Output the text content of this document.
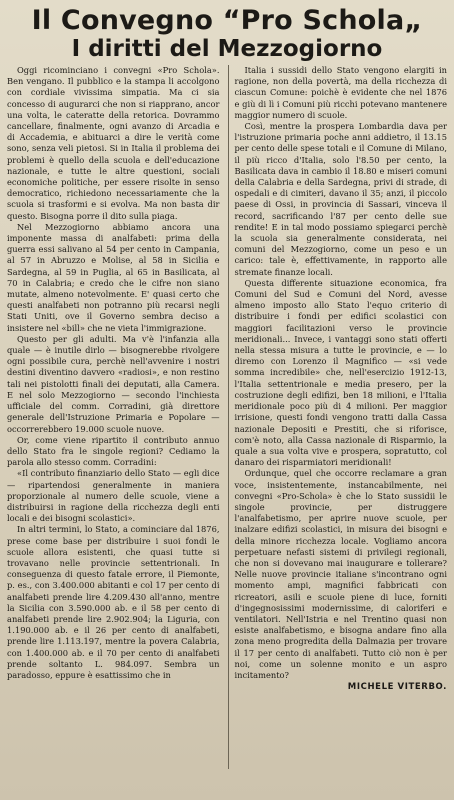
Il Convegno “Pro Schola„
I diritti del Mezzogiorno

Oggi ricominciano i convegni «Pro Schola». Ben vengano. Il pubblico e la stampa li accolgono con cordiale vivissima simpatia. Ma ci sia concesso di augurarci che non si riapprano, ancor una volta, le cateratte della retorica. Dovrammo cancellare, finalmente, ogni avanzo di Arcadia e di Accademia, e abituarci a dire le verità come sono, senza veli pietosi. Si in Italia il problema dei problemi è quello della scuola e dell'educazione nazionale, e tutte le altre questioni, sociali economiche politiche, per essere risolte in senso democratico, richiedono necessariamente che la scuola si trasformi e si evolva. Ma non basta dir questo. Bisogna porre il dito sulla piaga.

Nel Mezzogiorno abbiamo ancora una imponente massa di analfabeti: prima della guerra essi salivano al 54 per cento in Campania, al 57 in Abruzzo e Molise, al 58 in Sicilia e Sardegna, al 59 in Puglia, al 65 in Basilicata, al 70 in Calabria; e credo che le cifre non siano mutate, almeno notevolmente. E' quasi certo che questi analfabeti non potranno più recarsi negli Stati Uniti, ove il Governo sembra deciso a insistere nel «bill» che ne vieta l'immigrazione.

Questo per gli adulti. Ma v'è l'infanzia alla quale — è inutile dirlo — bisognerebbe rivolgere ogni possibile cura, perchè nell'avvenire i nostri destini diventino davvero «radiosi», e non restino tali nei pistolotti finali dei deputati, alla Camera. E nel solo Mezzogiorno — secondo l'inchiesta ufficiale del comm. Corradini, già direttore generale dell'Istruzione Primaria e Popolare — occorrerebbero 19.000 scuole nuove.

Or, come viene ripartito il contributo annuo dello Stato fra le singole regioni? Cediamo la parola allo stesso comm. Corradini:

«Il contributo finanziario dello Stato — egli dice — ripartendosi generalmente in maniera proporzionale al numero delle scuole, viene a distribuirsi in ragione della ricchezza degli enti locali e dei bisogni scolastici».

In altri termini, lo Stato, a cominciare dal 1876, prese come base per distribuire i suoi fondi le scuole allora esistenti, che quasi tutte si trovavano nelle provincie settentrionali. In conseguenza di questo fatale errore, il Piemonte, p. es., con 3.400.000 abitanti e col 17 per cento di analfabeti prende lire 4.209.430 all'anno, mentre la Sicilia con 3.590.000 ab. e il 58 per cento di analfabeti prende lire 2.902.904; la Liguria, con 1.190.000 ab. e il 26 per cento di analfabeti, prende lire 1.113.197, mentre la povera Calabria, con 1.400.000 ab. e il 70 per cento di analfabeti prende soltanto L. 984.097. Sembra un paradosso, eppure è esattissimo che in

Italia i sussidi dello Stato vengono elargiti in ragione, non della povertà, ma della ricchezza di ciascun Comune: poichè è evidente che nel 1876 e giù di lì i Comuni più ricchi potevano mantenere maggior numero di scuole.

Così, mentre la prospera Lombardia dava per l'istruzione primaria poche anni addietro, il 13.15 per cento delle spese totali e il Comune di Milano, il più ricco d'Italia, solo l'8.50 per cento, la Basilicata dava in cambio il 18.80 e miseri comuni della Calabria e della Sardegna, privi di strade, di ospedali e di cimiteri, davano il 35; anzi, il piccolo paese di Ossi, in provincia di Sassari, vinceva il record, sacrificando l'87 per cento delle sue rendite! E in tal modo possiamo spiegarci perchè la scuola sia generalmente considerata, nei comuni del Mezzogiorno, come un peso e un carico: tale è, effettivamente, in rapporto alle stremate finanze locali.

Questa differente situazione economica, fra Comuni del Sud e Comuni del Nord, avesse almeno imposto allo Stato l'equo criterio di distribuire i fondi per edifici scolastici con maggiori facilitazioni verso le provincie meridionali... Invece, i vantaggi sono stati offerti nella stessa misura a tutte le provincie, e — lo diremo con Lorenzo il Magnifico — «si vede somma incredibile» che, nell'esercizio 1912-13, l'Italia settentrionale e media presero, per la costruzione degli edifizi, ben 18 milioni, e l'Italia meridionale poco più di 4 milioni. Per maggior irrisione, questi fondi vengono tratti dalla Cassa nazionale Depositi e Prestiti, che si riforisce, com'è noto, alla Cassa nazionale di Risparmio, la quale a sua volta vive e prospera, sopratutto, col danaro dei risparmiatori meridionali!

Ordunque, quel che occorre reclamare a gran voce, insistentemente, instancabilmente, nei convegni «Pro-Schola» è che lo Stato sussidii le singole provincie, per distruggere l'analfabetismo, per aprire nuove scuole, per inalzare edifizi scolastici, in misura dei bisogni e della minore ricchezza locale. Vogliamo ancora perpetuare nefasti sistemi di privilegi regionali, che non si dovevano mai inaugurare e tollerare? Nelle nuove provincie italiane s'incontrano ogni momento ampi, magnifici fabbricati con ricreatori, asili e scuole piene di luce, forniti d'ingegnosissimi modernissime, di caloriferi e ventilatori. Nell'Istria e nel Trentino quasi non esiste analfabetismo, e bisogna andare fino alla zona meno progredita della Dalmazia per trovare il 17 per cento di analfabeti. Tutto ciò non è per noi, come un solenne monito e un aspro incitamento?

MICHELE VITERBO.
